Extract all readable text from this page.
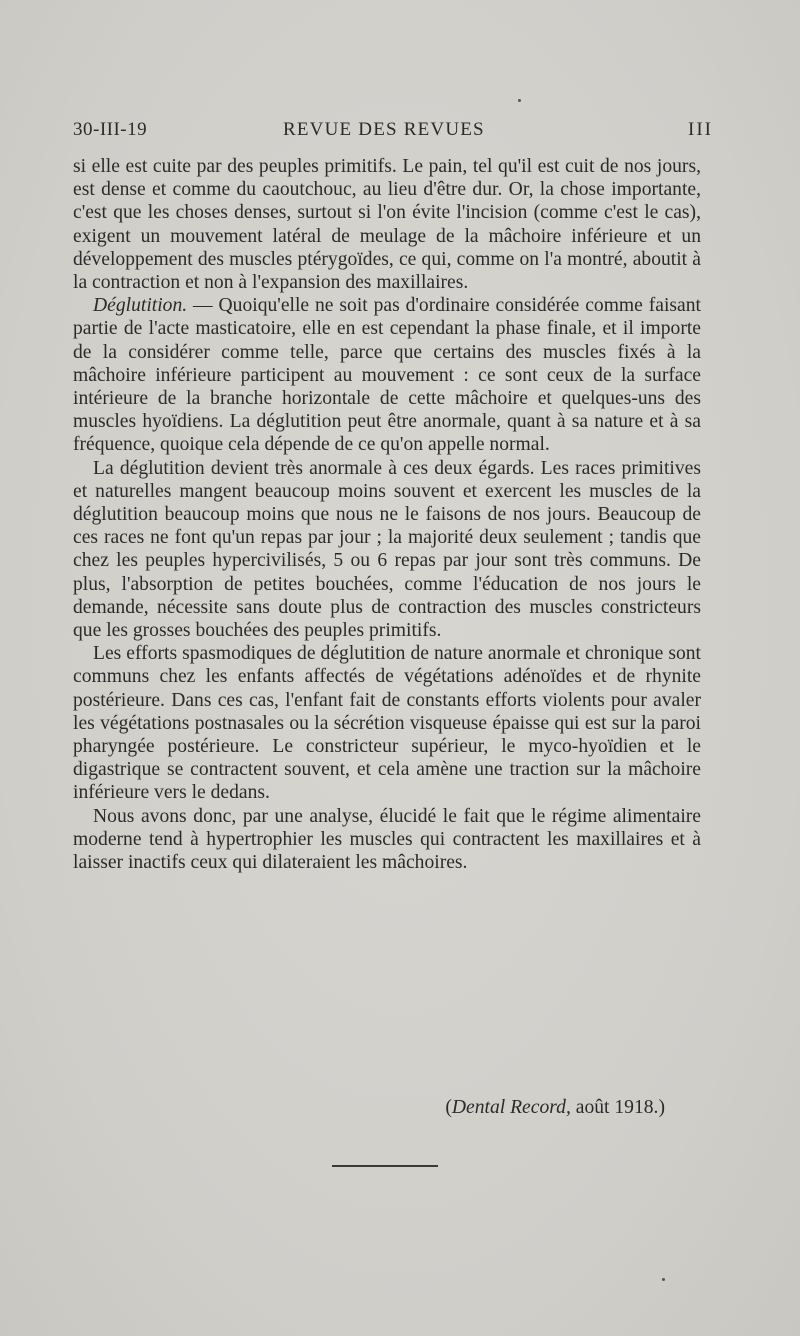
30-III-19	REVUE DES REVUES	III

si elle est cuite par des peuples primitifs. Le pain, tel qu'il est cuit de nos jours, est dense et comme du caoutchouc, au lieu d'être dur. Or, la chose importante, c'est que les choses denses, surtout si l'on évite l'incision (comme c'est le cas), exigent un mouvement latéral de meulage de la mâchoire inférieure et un développement des muscles ptérygoïdes, ce qui, comme on l'a montré, aboutit à la contraction et non à l'expansion des maxillaires.

Déglutition. — Quoiqu'elle ne soit pas d'ordinaire considérée comme faisant partie de l'acte masticatoire, elle en est cependant la phase finale, et il importe de la considérer comme telle, parce que certains des muscles fixés à la mâchoire inférieure participent au mouvement : ce sont ceux de la surface intérieure de la branche horizontale de cette mâchoire et quelques-uns des muscles hyoïdiens. La déglutition peut être anormale, quant à sa nature et à sa fréquence, quoique cela dépende de ce qu'on appelle normal.

La déglutition devient très anormale à ces deux égards. Les races primitives et naturelles mangent beaucoup moins souvent et exercent les muscles de la déglutition beaucoup moins que nous ne le faisons de nos jours. Beaucoup de ces races ne font qu'un repas par jour ; la majorité deux seulement ; tandis que chez les peuples hypercivilisés, 5 ou 6 repas par jour sont très communs. De plus, l'absorption de petites bouchées, comme l'éducation de nos jours le demande, nécessite sans doute plus de contraction des muscles constricteurs que les grosses bouchées des peuples primitifs.

Les efforts spasmodiques de déglutition de nature anormale et chronique sont communs chez les enfants affectés de végétations adénoïdes et de rhynite postérieure. Dans ces cas, l'enfant fait de constants efforts violents pour avaler les végétations postnasales ou la sécrétion visqueuse épaisse qui est sur la paroi pharyngée postérieure. Le constricteur supérieur, le myco-hyoïdien et le digastrique se contractent souvent, et cela amène une traction sur la mâchoire inférieure vers le dedans.

Nous avons donc, par une analyse, élucidé le fait que le régime alimentaire moderne tend à hypertrophier les muscles qui contractent les maxillaires et à laisser inactifs ceux qui dilateraient les mâchoires.

(Dental Record, août 1918.)
